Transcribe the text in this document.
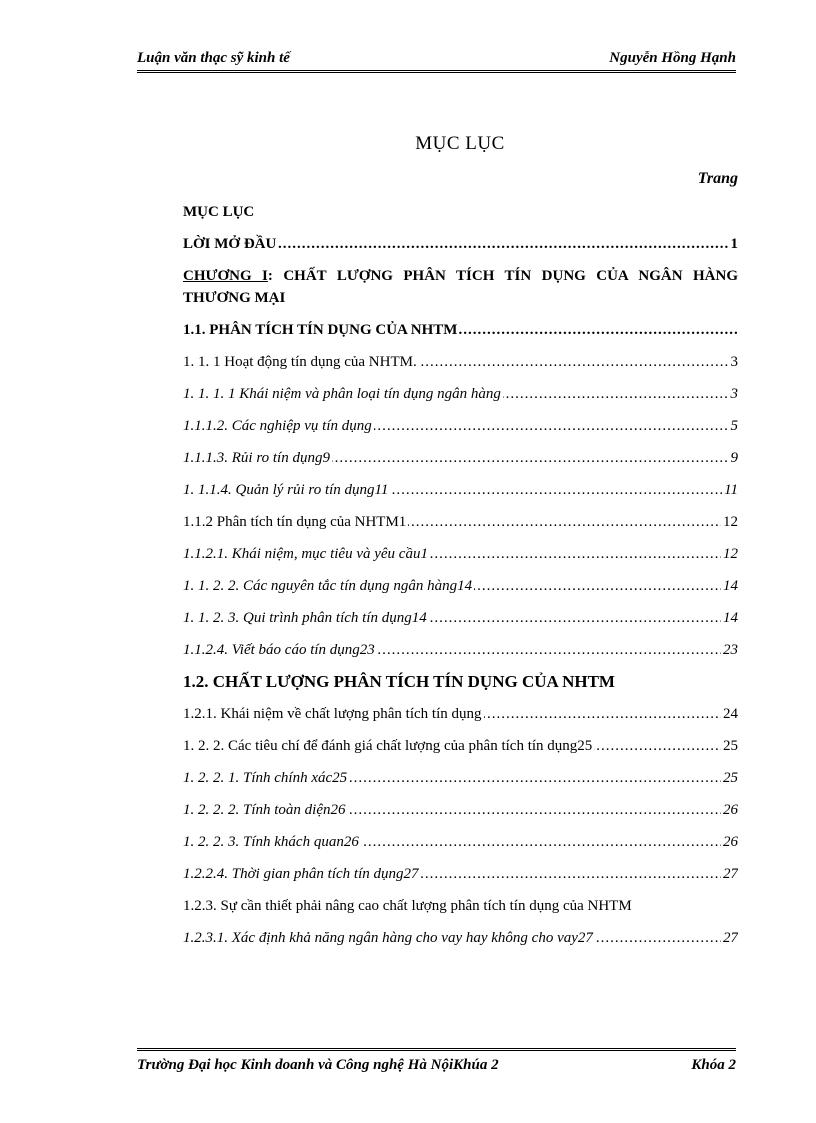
Luận văn thạc sỹ kinh tế	Nguyễn Hồng Hạnh
MỤC LỤC
Trang
MỤC LỤC
.....
LỜI MỞ ĐẦU	1
CHƯƠNG I: CHẤT LƯỢNG PHÂN TÍCH TÍN DỤNG CỦA NGÂN HÀNG THƯƠNG MẠI
.....
1.1. PHÂN TÍCH TÍN DỤNG CỦA NHTM
.....
1. 1. 1 Hoạt động tín dụng của NHTM.	3
.....
1. 1. 1. 1 Khái niệm và phân loại tín dụng ngân hàng	3
.....
1.1.1.2. Các nghiệp vụ tín dụng	5
.....
1.1.1.3. Rủi ro tín dụng9	9
.....
1. 1.1.4. Quản lý rủi ro tín dụng11	11
.....
1.1.2 Phân tích tín dụng của NHTM1	12
.....
1.1.2.1. Khái niệm, mục tiêu và yêu cầu1	12
.....
1. 1. 2. 2. Các nguyên tắc tín dụng ngân hàng14	14
.....
1. 1. 2. 3. Qui trình phân tích tín dụng14	14
.....
1.1.2.4. Viết báo cáo tín dụng23	23
1.2. CHẤT LƯỢNG PHÂN TÍCH TÍN DỤNG CỦA NHTM
.....
1.2.1. Khái niệm về chất lượng phân tích tín dụng	24
.....
1. 2. 2. Các tiêu chí để đánh giá chất lượng của phân tích tín dụng25	25
.....
1. 2. 2. 1. Tính chính xác25	25
.....
1. 2. 2. 2. Tính toàn diện26	26
.....
1. 2. 2. 3. Tính khách quan26	26
.....
1.2.2.4. Thời gian phân tích tín dụng27	27
1.2.3. Sự cần thiết phải nâng cao chất lượng phân tích tín dụng của NHTM
.....
1.2.3.1. Xác định khả năng ngân hàng cho vay hay không cho vay27	27
Trường Đại học Kinh doanh và Công nghệ Hà NộiKhúa 2	Khóa 2
